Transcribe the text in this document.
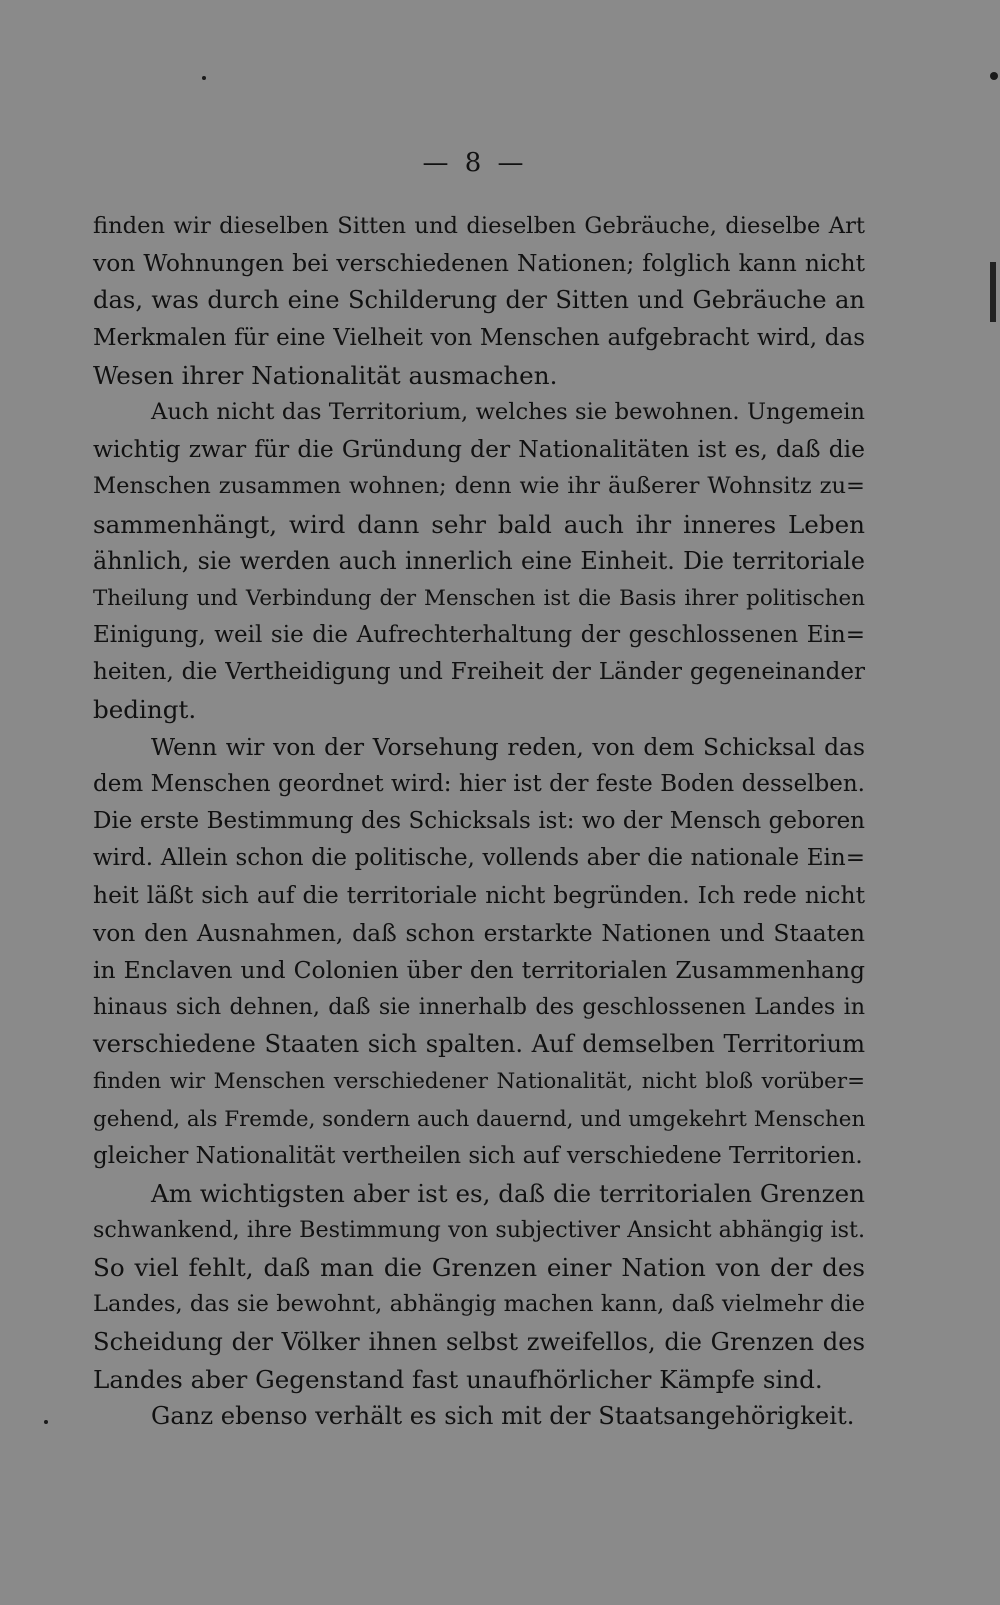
— 8 —
finden wir dieselben Sitten und dieselben Gebräuche, dieselbe Art
von Wohnungen bei verschiedenen Nationen; folglich kann nicht
das, was durch eine Schilderung der Sitten und Gebräuche an
Merkmalen für eine Vielheit von Menschen aufgebracht wird, das
Wesen ihrer Nationalität ausmachen.
Auch nicht das Territorium, welches sie bewohnen. Ungemein
wichtig zwar für die Gründung der Nationalitäten ist es, daß die
Menschen zusammen wohnen; denn wie ihr äußerer Wohnsitz zu=
sammenhängt, wird dann sehr bald auch ihr inneres Leben
ähnlich, sie werden auch innerlich eine Einheit. Die territoriale
Theilung und Verbindung der Menschen ist die Basis ihrer politischen
Einigung, weil sie die Aufrechterhaltung der geschlossenen Ein=
heiten, die Vertheidigung und Freiheit der Länder gegeneinander
bedingt.
Wenn wir von der Vorsehung reden, von dem Schicksal das
dem Menschen geordnet wird: hier ist der feste Boden desselben.
Die erste Bestimmung des Schicksals ist: wo der Mensch geboren
wird. Allein schon die politische, vollends aber die nationale Ein=
heit läßt sich auf die territoriale nicht begründen. Ich rede nicht
von den Ausnahmen, daß schon erstarkte Nationen und Staaten
in Enclaven und Colonien über den territorialen Zusammenhang
hinaus sich dehnen, daß sie innerhalb des geschlossenen Landes in
verschiedene Staaten sich spalten. Auf demselben Territorium
finden wir Menschen verschiedener Nationalität, nicht bloß vorüber=
gehend, als Fremde, sondern auch dauernd, und umgekehrt Menschen
gleicher Nationalität vertheilen sich auf verschiedene Territorien.
Am wichtigsten aber ist es, daß die territorialen Grenzen
schwankend, ihre Bestimmung von subjectiver Ansicht abhängig ist.
So viel fehlt, daß man die Grenzen einer Nation von der des
Landes, das sie bewohnt, abhängig machen kann, daß vielmehr die
Scheidung der Völker ihnen selbst zweifellos, die Grenzen des
Landes aber Gegenstand fast unaufhörlicher Kämpfe sind.
Ganz ebenso verhält es sich mit der Staatsangehörigkeit.
